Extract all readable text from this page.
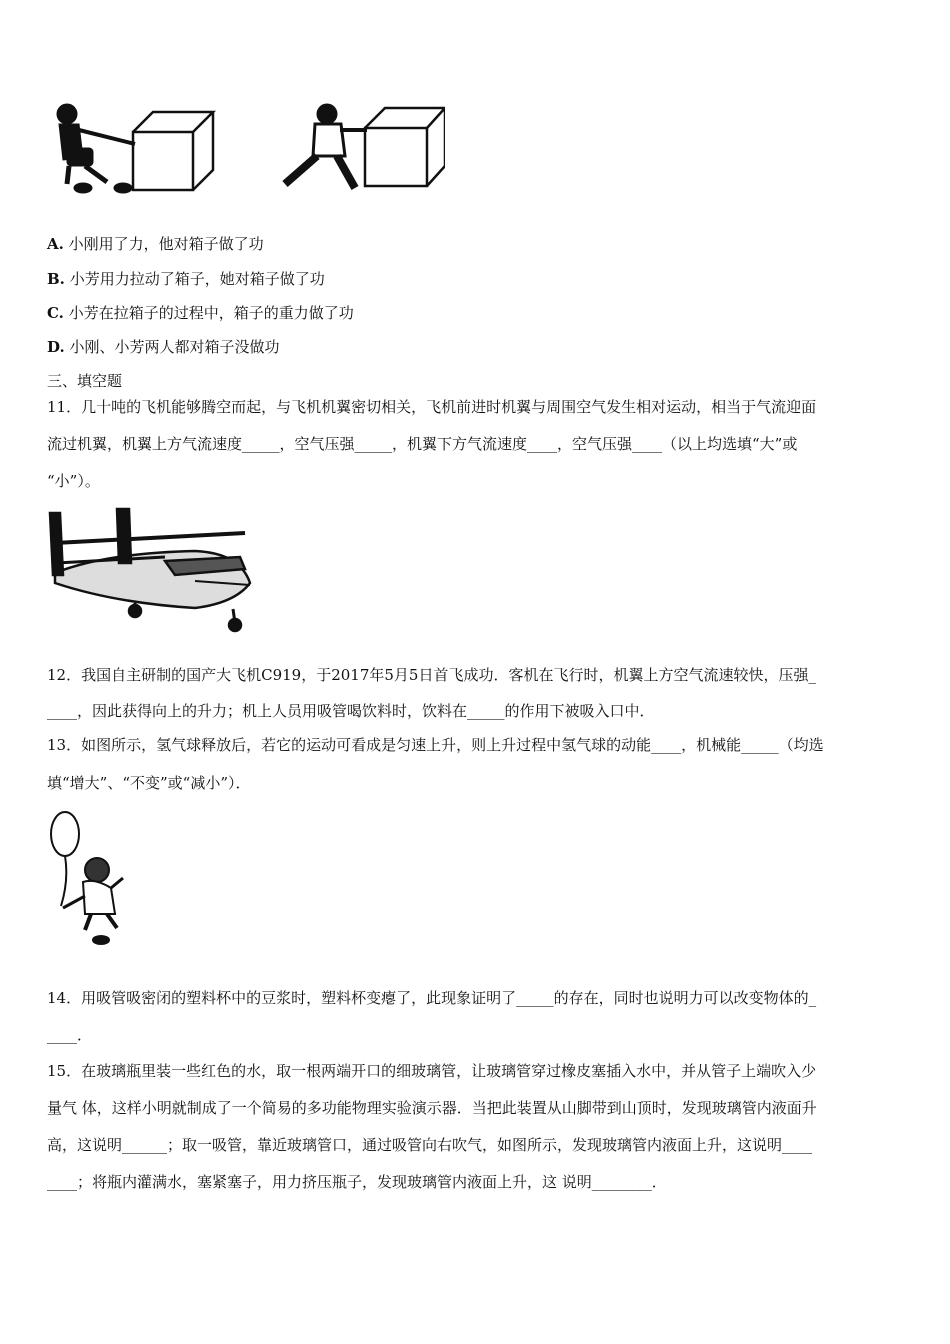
A. 小刚用了力，他对箱子做了功
B. 小芳用力拉动了箱子，她对箱子做了功
C. 小芳在拉箱子的过程中，箱子的重力做了功
D. 小刚、小芳两人都对箱子没做功
三、填空题
11．几十吨的飞机能够腾空而起，与飞机机翼密切相关，飞机前进时机翼与周围空气发生相对运动，相当于气流迎面
流过机翼，机翼上方气流速度_____，空气压强_____，机翼下方气流速度____，空气压强____（以上均选填“大”或
“小”）。
12．我国自主研制的国产大飞机C919，于2017年5月5日首飞成功．客机在飞行时，机翼上方空气流速较快，压强_
____，因此获得向上的升力；机上人员用吸管喝饮料时，饮料在_____的作用下被吸入口中．
13．如图所示，氢气球释放后，若它的运动可看成是匀速上升，则上升过程中氢气球的动能____，机械能_____（均选
填“增大”、“不变”或“减小”）．
14．用吸管吸密闭的塑料杯中的豆浆时，塑料杯变瘪了，此现象证明了_____的存在，同时也说明力可以改变物体的_
____．
15．在玻璃瓶里装一些红色的水，取一根两端开口的细玻璃管，让玻璃管穿过橡皮塞插入水中，并从管子上端吹入少
量气 体，这样小明就制成了一个简易的多功能物理实验演示器．当把此装置从山脚带到山顶时，发现玻璃管内液面升
高，这说明______；取一吸管，靠近玻璃管口，通过吸管向右吹气，如图所示，发现玻璃管内液面上升，这说明____
____；将瓶内灌满水，塞紧塞子，用力挤压瓶子，发现玻璃管内液面上升，这 说明________．
